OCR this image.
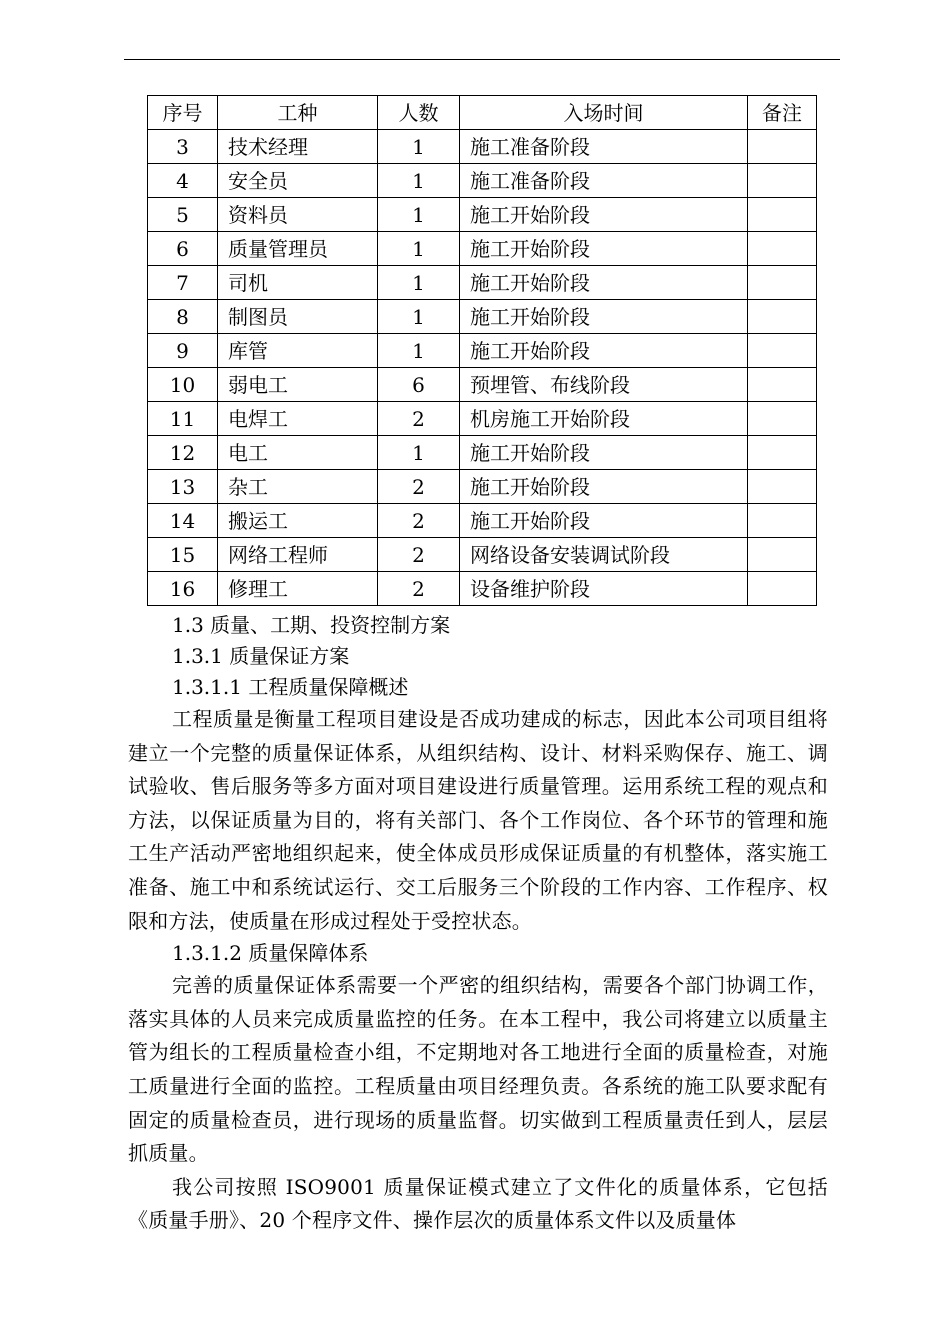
序号	工种	人数	入场时间	备注
3	技术经理	1	施工准备阶段	
4	安全员	1	施工准备阶段	
5	资料员	1	施工开始阶段	
6	质量管理员	1	施工开始阶段	
7	司机	1	施工开始阶段	
8	制图员	1	施工开始阶段	
9	库管	1	施工开始阶段	
10	弱电工	6	预埋管、布线阶段	
11	电焊工	2	机房施工开始阶段	
12	电工	1	施工开始阶段	
13	杂工	2	施工开始阶段	
14	搬运工	2	施工开始阶段	
15	网络工程师	2	网络设备安装调试阶段	
16	修理工	2	设备维护阶段	

1.3 质量、工期、投资控制方案

1.3.1 质量保证方案

1.3.1.1 工程质量保障概述

工程质量是衡量工程项目建设是否成功建成的标志，因此本公司项目组将建立一个完整的质量保证体系，从组织结构、设计、材料采购保存、施工、调试验收、售后服务等多方面对项目建设进行质量管理。运用系统工程的观点和方法，以保证质量为目的，将有关部门、各个工作岗位、各个环节的管理和施工生产活动严密地组织起来，使全体成员形成保证质量的有机整体，落实施工准备、施工中和系统试运行、交工后服务三个阶段的工作内容、工作程序、权限和方法，使质量在形成过程处于受控状态。

1.3.1.2 质量保障体系

完善的质量保证体系需要一个严密的组织结构，需要各个部门协调工作，落实具体的人员来完成质量监控的任务。在本工程中，我公司将建立以质量主管为组长的工程质量检查小组，不定期地对各工地进行全面的质量检查，对施工质量进行全面的监控。工程质量由项目经理负责。各系统的施工队要求配有固定的质量检查员，进行现场的质量监督。切实做到工程质量责任到人，层层抓质量。

我公司按照 ISO9001 质量保证模式建立了文件化的质量体系，它包括《质量手册》、20 个程序文件、操作层次的质量体系文件以及质量体
